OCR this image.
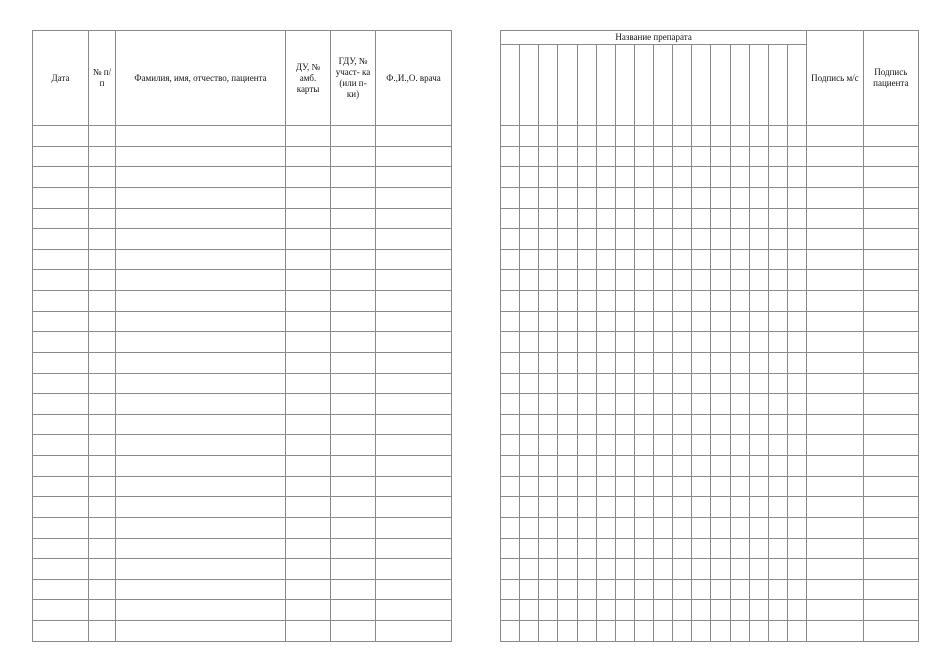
Дата	№ п/п	Фамилия, имя, отчество, пациента	ДУ, № амб. карты	ГДУ, № участ- ка (или п- ки)	Ф.,И.,О. врача

Название препарата																Подпись м/с	Подпись пациента
